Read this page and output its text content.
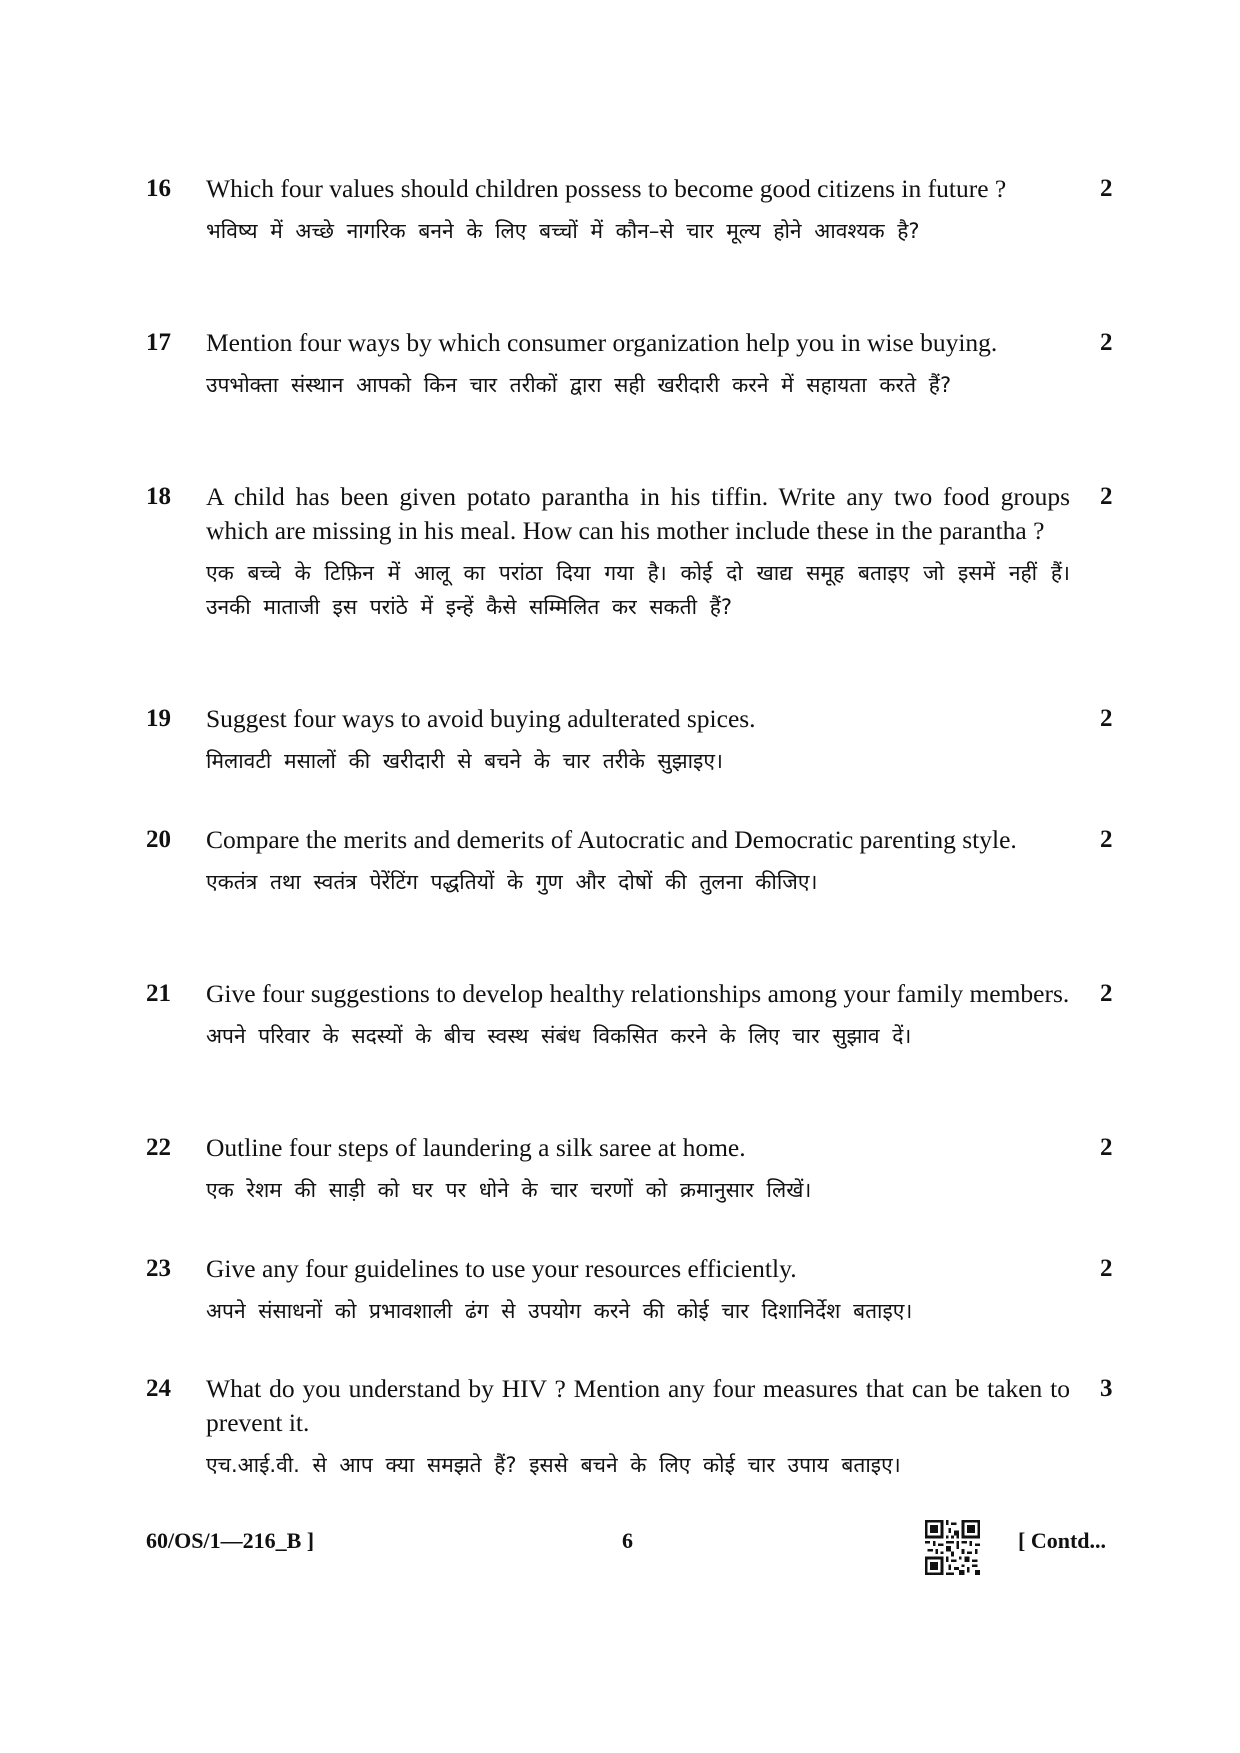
16 Which four values should children possess to become good citizens in future ?

भविष्य में अच्छे नागरिक बनने के लिए बच्चों में कौन–से चार मूल्य होने आवश्यक है?

2
17 Mention four ways by which consumer organization help you in wise buying.

उपभोक्ता संस्थान आपको किन चार तरीकों द्वारा सही खरीदारी करने में सहायता करते हैं?

2
18 A child has been given potato parantha in his tiffin. Write any two food groups which are missing in his meal. How can his mother include these in the parantha ?

एक बच्चे के टिफ़िन में आलू का परांठा दिया गया है। कोई दो खाद्य समूह बताइए जो इसमें नहीं हैं। उनकी माताजी इस परांठे में इन्हें कैसे सम्मिलित कर सकती हैं?

2
19 Suggest four ways to avoid buying adulterated spices.

मिलावटी मसालों की खरीदारी से बचने के चार तरीके सुझाइए।

2
20 Compare the merits and demerits of Autocratic and Democratic parenting style.

एकतंत्र तथा स्वतंत्र पेरेंटिंग पद्धतियों के गुण और दोषों की तुलना कीजिए।

2
21 Give four suggestions to develop healthy relationships among your family members.

अपने परिवार के सदस्यों के बीच स्वस्थ संबंध विकसित करने के लिए चार सुझाव दें।

2
22 Outline four steps of laundering a silk saree at home.

एक रेशम की साड़ी को घर पर धोने के चार चरणों को क्रमानुसार लिखें।

2
23 Give any four guidelines to use your resources efficiently.

अपने संसाधनों को प्रभावशाली ढंग से उपयोग करने की कोई चार दिशानिर्देश बताइए।

2
24 What do you understand by HIV ? Mention any four measures that can be taken to prevent it.

एच.आई.वी. से आप क्या समझते हैं? इससे बचने के लिए कोई चार उपाय बताइए।

3
60/OS/1—216_B ]	6	[ Contd...
